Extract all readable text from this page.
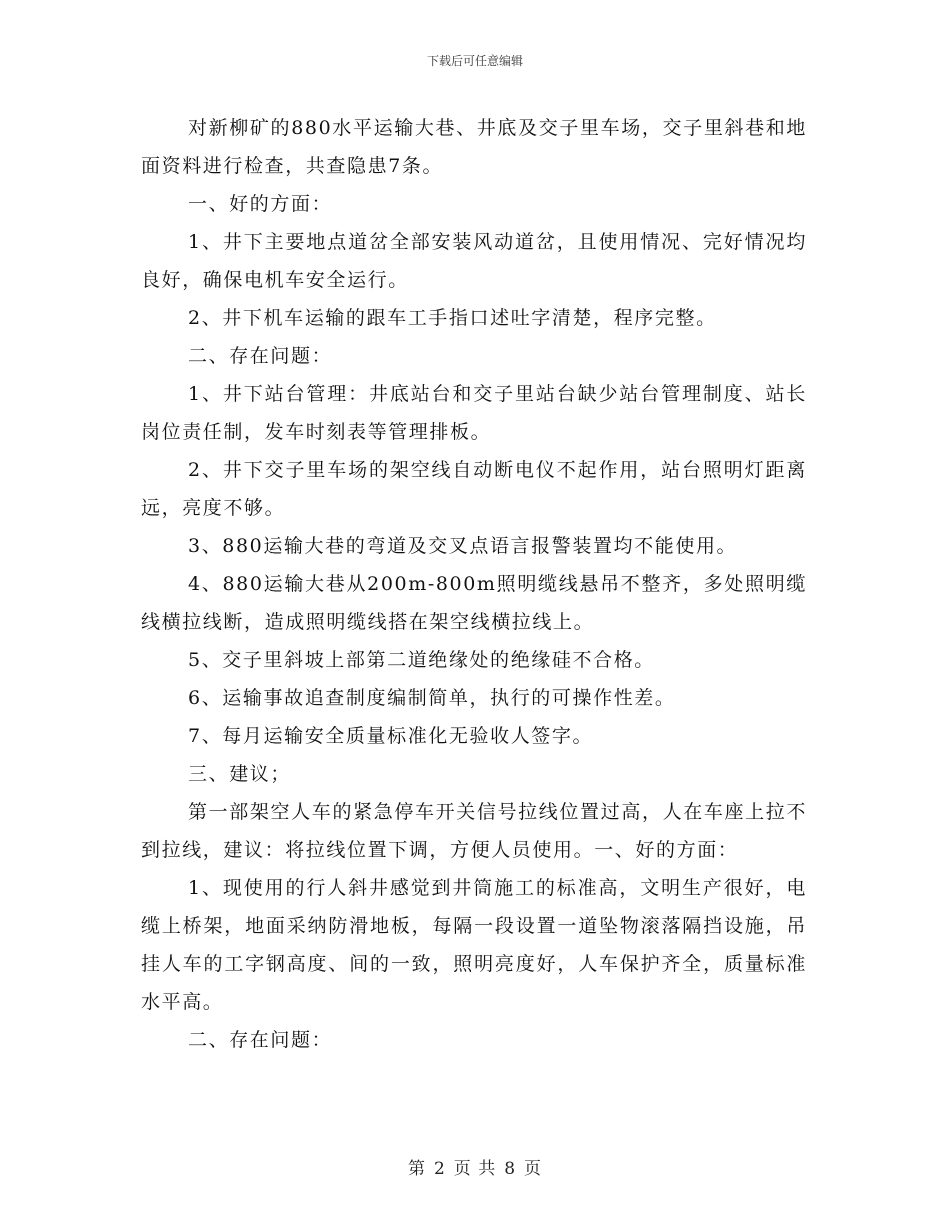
下载后可任意编辑

对新柳矿的880水平运输大巷、井底及交子里车场，交子里斜巷和地面资料进行检查，共查隐患7条。

一、好的方面：

1、井下主要地点道岔全部安装风动道岔，且使用情况、完好情况均良好，确保电机车安全运行。

2、井下机车运输的跟车工手指口述吐字清楚，程序完整。

二、存在问题：

1、井下站台管理：井底站台和交子里站台缺少站台管理制度、站长岗位责任制，发车时刻表等管理排板。

2、井下交子里车场的架空线自动断电仪不起作用，站台照明灯距离远，亮度不够。

3、880运输大巷的弯道及交叉点语言报警装置均不能使用。

4、880运输大巷从200m-800m照明缆线悬吊不整齐，多处照明缆线横拉线断，造成照明缆线搭在架空线横拉线上。

5、交子里斜坡上部第二道绝缘处的绝缘硅不合格。

6、运输事故追查制度编制简单，执行的可操作性差。

7、每月运输安全质量标准化无验收人签字。

三、建议；

第一部架空人车的紧急停车开关信号拉线位置过高，人在车座上拉不到拉线，建议：将拉线位置下调，方便人员使用。一、好的方面：

1、现使用的行人斜井感觉到井筒施工的标准高，文明生产很好，电缆上桥架，地面采纳防滑地板，每隔一段设置一道坠物滚落隔挡设施，吊挂人车的工字钢高度、间的一致，照明亮度好，人车保护齐全，质量标准水平高。

二、存在问题：

第 2 页 共 8 页
